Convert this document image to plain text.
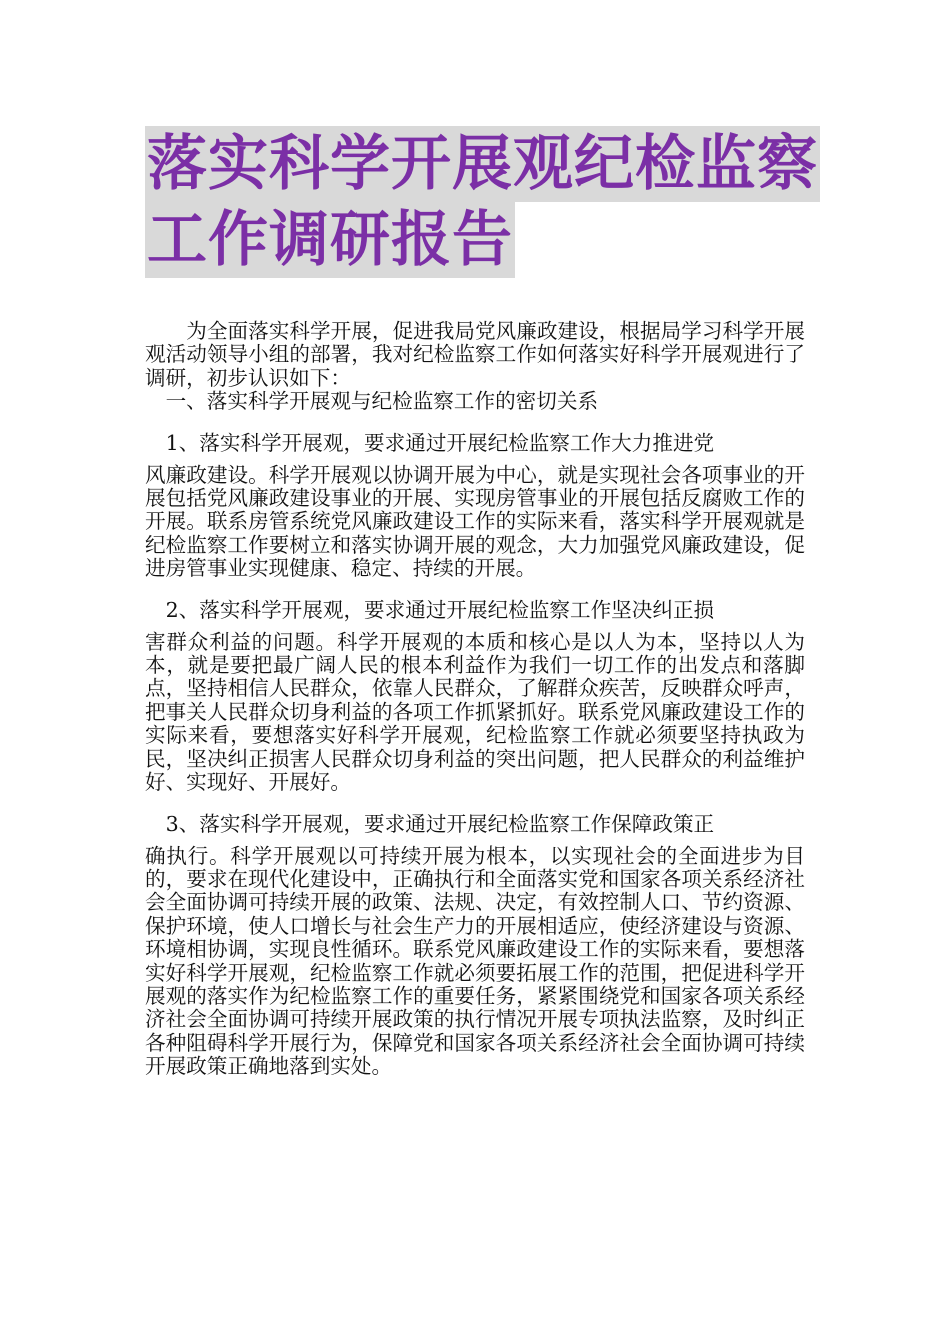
落实科学开展观纪检监察
工作调研报告

为全面落实科学开展，促进我局党风廉政建设，根据局学习科学开展观活动领导小组的部署，我对纪检监察工作如何落实好科学开展观进行了调研，初步认识如下：

一、落实科学开展观与纪检监察工作的密切关系

1、落实科学开展观，要求通过开展纪检监察工作大力推进党

风廉政建设。科学开展观以协调开展为中心，就是实现社会各项事业的开展包括党风廉政建设事业的开展、实现房管事业的开展包括反腐败工作的开展。联系房管系统党风廉政建设工作的实际来看，落实科学开展观就是纪检监察工作要树立和落实协调开展的观念，大力加强党风廉政建设，促进房管事业实现健康、稳定、持续的开展。

2、落实科学开展观，要求通过开展纪检监察工作坚决纠正损

害群众利益的问题。科学开展观的本质和核心是以人为本，坚持以人为本，就是要把最广阔人民的根本利益作为我们一切工作的出发点和落脚点，坚持相信人民群众，依靠人民群众，了解群众疾苦，反映群众呼声，把事关人民群众切身利益的各项工作抓紧抓好。联系党风廉政建设工作的实际来看，要想落实好科学开展观，纪检监察工作就必须要坚持执政为民，坚决纠正损害人民群众切身利益的突出问题，把人民群众的利益维护好、实现好、开展好。

3、落实科学开展观，要求通过开展纪检监察工作保障政策正

确执行。科学开展观以可持续开展为根本，以实现社会的全面进步为目的，要求在现代化建设中，正确执行和全面落实党和国家各项关系经济社会全面协调可持续开展的政策、法规、决定，有效控制人口、节约资源、保护环境，使人口增长与社会生产力的开展相适应，使经济建设与资源、环境相协调，实现良性循环。联系党风廉政建设工作的实际来看，要想落实好科学开展观，纪检监察工作就必须要拓展工作的范围，把促进科学开展观的落实作为纪检监察工作的重要任务，紧紧围绕党和国家各项关系经济社会全面协调可持续开展政策的执行情况开展专项执法监察，及时纠正各种阻碍科学开展行为，保障党和国家各项关系经济社会全面协调可持续开展政策正确地落到实处。
